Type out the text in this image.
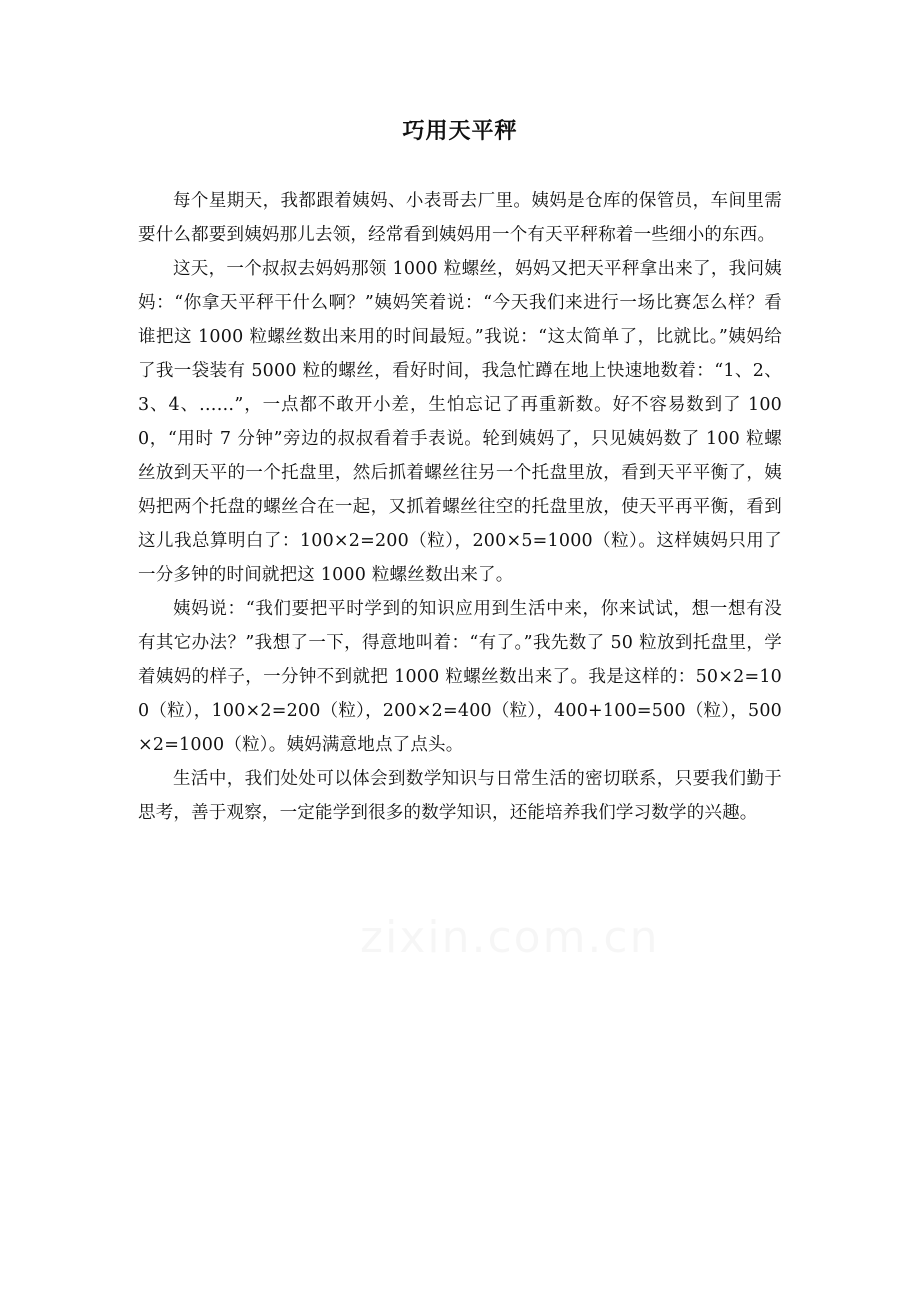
巧用天平秤

每个星期天，我都跟着姨妈、小表哥去厂里。姨妈是仓库的保管员，车间里需要什么都要到姨妈那儿去领，经常看到姨妈用一个有天平秤称着一些细小的东西。

这天，一个叔叔去妈妈那领 1000 粒螺丝，妈妈又把天平秤拿出来了，我问姨妈：“你拿天平秤干什么啊？”姨妈笑着说：“今天我们来进行一场比赛怎么样？看谁把这 1000 粒螺丝数出来用的时间最短。”我说：“这太简单了，比就比。”姨妈给了我一袋装有 5000 粒的螺丝，看好时间，我急忙蹲在地上快速地数着：“1、2、3、4、……”，一点都不敢开小差，生怕忘记了再重新数。好不容易数到了 1000，“用时 7 分钟”旁边的叔叔看着手表说。轮到姨妈了，只见姨妈数了 100 粒螺丝放到天平的一个托盘里，然后抓着螺丝往另一个托盘里放，看到天平平衡了，姨妈把两个托盘的螺丝合在一起，又抓着螺丝往空的托盘里放，使天平再平衡，看到这儿我总算明白了：100×2=200（粒），200×5=1000（粒）。这样姨妈只用了一分多钟的时间就把这 1000 粒螺丝数出来了。

姨妈说：“我们要把平时学到的知识应用到生活中来，你来试试，想一想有没有其它办法？”我想了一下，得意地叫着：“有了。”我先数了 50 粒放到托盘里，学着姨妈的样子，一分钟不到就把 1000 粒螺丝数出来了。我是这样的：50×2=100（粒），100×2=200（粒），200×2=400（粒），400+100=500（粒），500×2=1000（粒）。姨妈满意地点了点头。

生活中，我们处处可以体会到数学知识与日常生活的密切联系，只要我们勤于思考，善于观察，一定能学到很多的数学知识，还能培养我们学习数学的兴趣。
